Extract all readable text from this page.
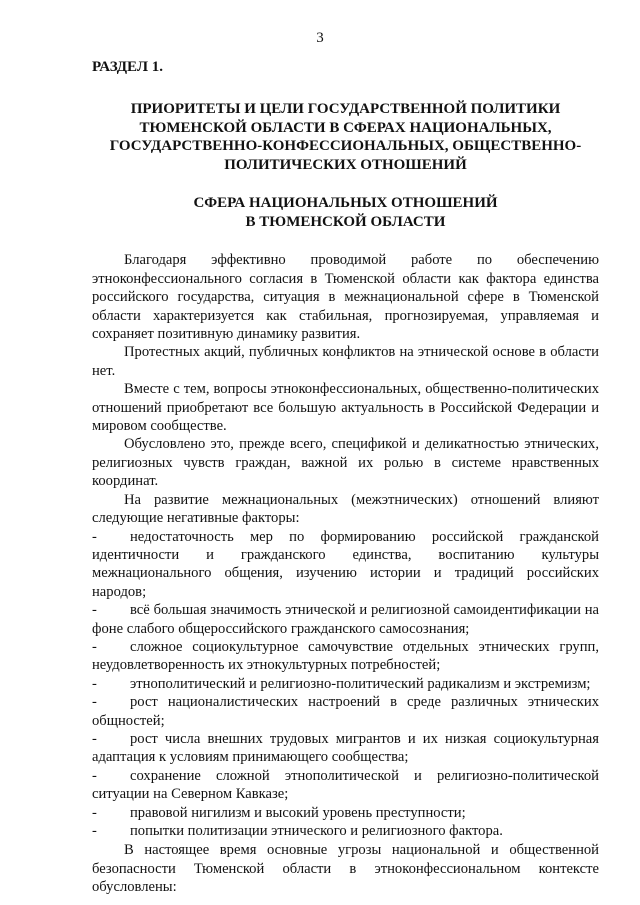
3
РАЗДЕЛ 1.
ПРИОРИТЕТЫ И ЦЕЛИ ГОСУДАРСТВЕННОЙ ПОЛИТИКИ
ТЮМЕНСКОЙ ОБЛАСТИ В СФЕРАХ НАЦИОНАЛЬНЫХ,
ГОСУДАРСТВЕННО-КОНФЕССИОНАЛЬНЫХ, ОБЩЕСТВЕННО-
ПОЛИТИЧЕСКИХ ОТНОШЕНИЙ
СФЕРА НАЦИОНАЛЬНЫХ ОТНОШЕНИЙ
В ТЮМЕНСКОЙ ОБЛАСТИ

Благодаря эффективно проводимой работе по обеспечению этноконфессионального согласия в Тюменской области как фактора единства российского государства, ситуация в межнациональной сфере в Тюменской области характеризуется как стабильная, прогнозируемая, управляемая и сохраняет позитивную динамику развития.

Протестных акций, публичных конфликтов на этнической основе в области нет.

Вместе с тем, вопросы этноконфессиональных, общественно-политических отношений приобретают все большую актуальность в Российской Федерации и мировом сообществе.

Обусловлено это, прежде всего, спецификой и деликатностью этнических, религиозных чувств граждан, важной их ролью в системе нравственных координат.

На развитие межнациональных (межэтнических) отношений влияют следующие негативные факторы:

- недостаточность мер по формированию российской гражданской идентичности и гражданского единства, воспитанию культуры межнационального общения, изучению истории и традиций российских народов;
- всё большая значимость этнической и религиозной самоидентификации на фоне слабого общероссийского гражданского самосознания;
- сложное социокультурное самочувствие отдельных этнических групп, неудовлетворенность их этнокультурных потребностей;
- этнополитический и религиозно-политический радикализм и экстремизм;
- рост националистических настроений в среде различных этнических общностей;
- рост числа внешних трудовых мигрантов и их низкая социокультурная адаптация к условиям принимающего сообщества;
- сохранение сложной этнополитической и религиозно-политической ситуации на Северном Кавказе;
- правовой нигилизм и высокий уровень преступности;
- попытки политизации этнического и религиозного фактора.

В настоящее время основные угрозы национальной и общественной безопасности Тюменской области в этноконфессиональном контексте обусловлены:
